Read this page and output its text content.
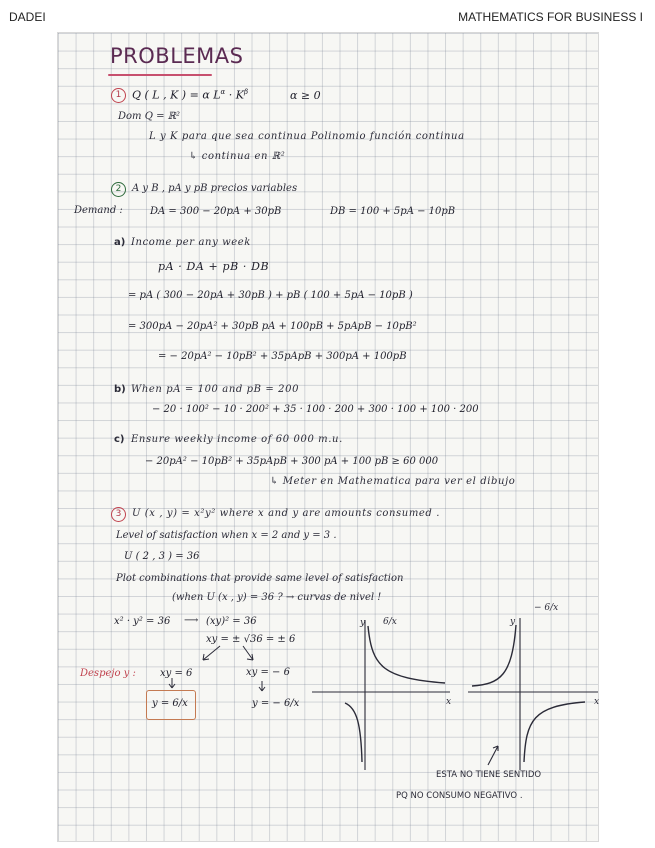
DADEI	MATHEMATICS FOR BUSINESS I
PROBLEMAS
1 Q ( L , K ) = α $L^\alpha \cdot K^\beta$	α ≥ 0
Dom Q = ℝ²
L y K para que sea continua Polinomio función continua
↳ continua en ℝ²
2	A y B , pA y pB precios variables
Demand :	DA = 300 − 20pA + 30pB	DB = 100 + 5pA − 10pB
a) Income per any week
pA · DA + pB · DB
= pA ( 300 − 20pA + 30pB ) + pB ( 100 + 5pA − 10pB )
= 300pA − 20pA² + 30pB pA + 100pB + 5pApB − 10pB²
= − 20pA² − 10pB² + 35pApB + 300pA + 100pB
b) When pA = 100 and pB = 200
− 20 · 100² − 10 · 200² + 35 · 100 · 200 + 300 · 100 + 100 · 200
c) Ensure weekly income of 60 000 m.u.
− 20pA² − 10pB² + 35pApB + 300 pA + 100 pB ≥ 60 000
↳ Meter en Mathematica para ver el dibujo
3	U (x , y) = x²y² where x and y are amounts consumed .
Level of satisfaction when x = 2 and y = 3 .
U ( 2 , 3 ) = 36
Plot combinations that provide same level of satisfaction
(when U (x , y) = 36 ? → curvas de nivel !
x² · y² = 36 ⟶ (xy)² = 36
xy = ± √36 = ± 6
Despejo y : xy = 6	xy = − 6
y = 6/x	y = − 6/x
y
x
6/x	y
x
− 6/x
ESTA NO TIENE SENTIDO
PQ NO CONSUMO NEGATIVO .
